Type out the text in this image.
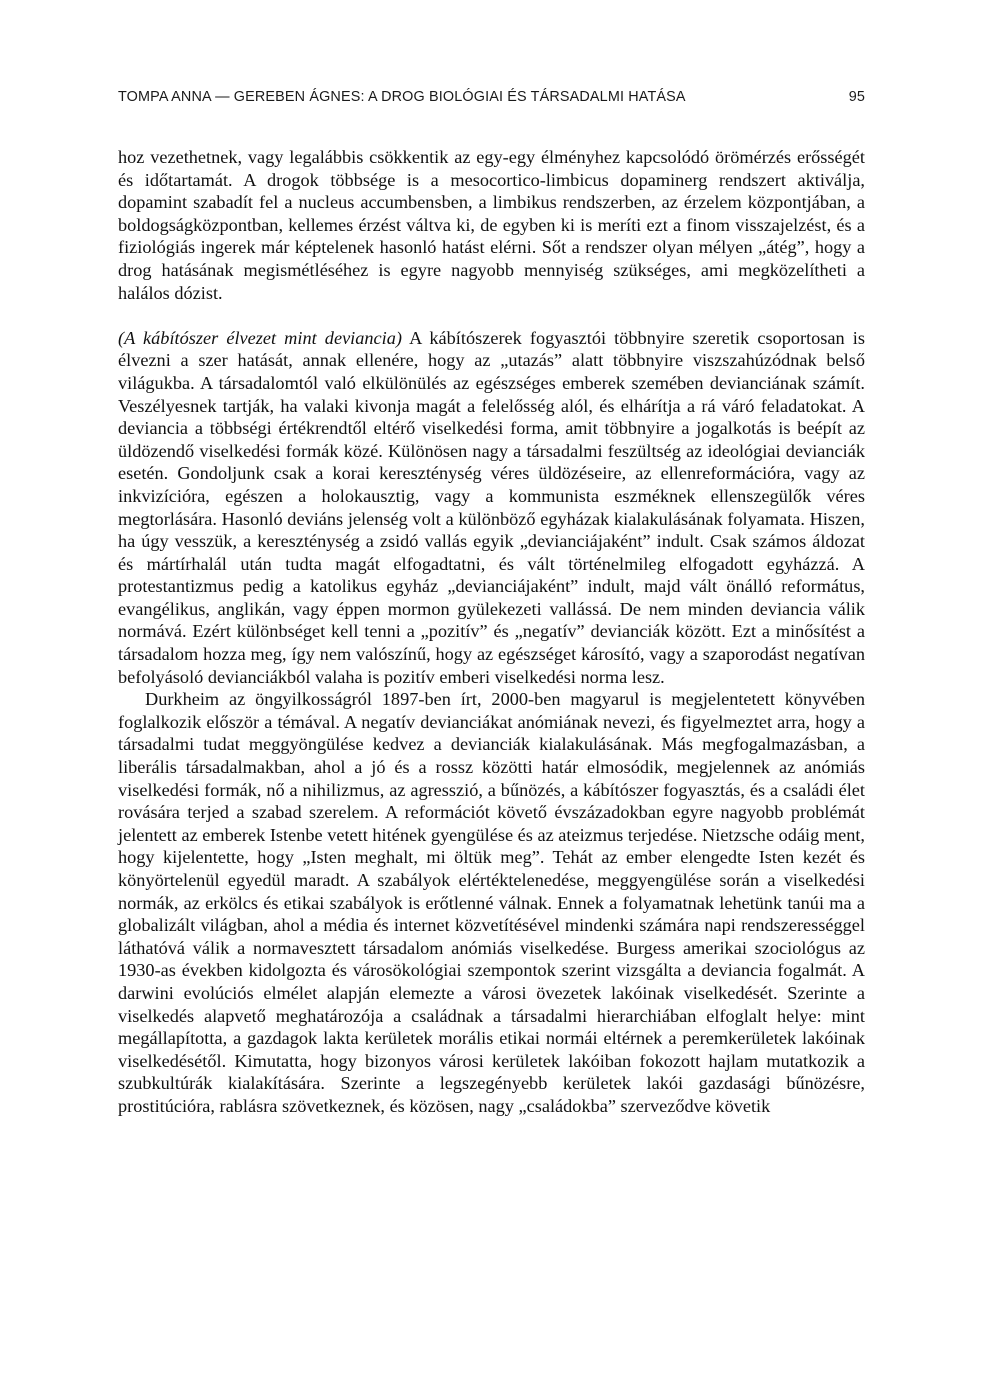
TOMPA ANNA — GEREBEN ÁGNES: A DROG BIOLÓGIAI ÉS TÁRSADALMI HATÁSA	95

hoz vezethetnek, vagy legalábbis csökkentik az egy-egy élményhez kapcsolódó örömérzés erősségét és időtartamát. A drogok többsége is a mesocortico-limbicus dopaminerg rendszert aktiválja, dopamint szabadít fel a nucleus accumbensben, a limbikus rendszerben, az érzelem központjában, a boldogságközpontban, kellemes érzést váltva ki, de egyben ki is meríti ezt a finom visszajelzést, és a fiziológiás ingerek már képtelenek hasonló hatást elérni. Sőt a rendszer olyan mélyen „átég”, hogy a drog hatásának megismétléséhez is egyre nagyobb mennyiség szükséges, ami megközelítheti a halálos dózist.

(A kábítószer élvezet mint deviancia) A kábítószerek fogyasztói többnyire szeretik csoportosan is élvezni a szer hatását, annak ellenére, hogy az „utazás” alatt többnyire viszszahúzódnak belső világukba. A társadalomtól való elkülönülés az egészséges emberek szemében devianciának számít. Veszélyesnek tartják, ha valaki kivonja magát a felelősség alól, és elhárítja a rá váró feladatokat. A deviancia a többségi értékrendtől eltérő viselkedési forma, amit többnyire a jogalkotás is beépít az üldözendő viselkedési formák közé. Különösen nagy a társadalmi feszültség az ideológiai devianciák esetén. Gondoljunk csak a korai kereszténység véres üldözéseire, az ellenreformációra, vagy az inkvizícióra, egészen a holokausztig, vagy a kommunista eszméknek ellenszegülők véres megtorlására. Hasonló deviáns jelenség volt a különböző egyházak kialakulásának folyamata. Hiszen, ha úgy vesszük, a kereszténység a zsidó vallás egyik „devianciájaként” indult. Csak számos áldozat és mártírhalál után tudta magát elfogadtatni, és vált történelmileg elfogadott egyházzá. A protestantizmus pedig a katolikus egyház „devianciájaként” indult, majd vált önálló református, evangélikus, anglikán, vagy éppen mormon gyülekezeti vallássá. De nem minden deviancia válik normává. Ezért különbséget kell tenni a „pozitív” és „negatív” devianciák között. Ezt a minősítést a társadalom hozza meg, így nem valószínű, hogy az egészséget károsító, vagy a szaporodást negatívan befolyásoló devianciákból valaha is pozitív emberi viselkedési norma lesz.

Durkheim az öngyilkosságról 1897-ben írt, 2000-ben magyarul is megjelentetett könyvében foglalkozik először a témával. A negatív devianciákat anómiának nevezi, és figyelmeztet arra, hogy a társadalmi tudat meggyöngülése kedvez a devianciák kialakulásának. Más megfogalmazásban, a liberális társadalmakban, ahol a jó és a rossz közötti határ elmosódik, megjelennek az anómiás viselkedési formák, nő a nihilizmus, az agresszió, a bűnözés, a kábítószer fogyasztás, és a családi élet rovására terjed a szabad szerelem. A reformációt követő évszázadokban egyre nagyobb problémát jelentett az emberek Istenbe vetett hitének gyengülése és az ateizmus terjedése. Nietzsche odáig ment, hogy kijelentette, hogy „Isten meghalt, mi öltük meg”. Tehát az ember elengedte Isten kezét és könyörtelenül egyedül maradt. A szabályok elértéktelenedése, meggyengülése során a viselkedési normák, az erkölcs és etikai szabályok is erőtlenné válnak. Ennek a folyamatnak lehetünk tanúi ma a globalizált világban, ahol a média és internet közvetítésével mindenki számára napi rendszerességgel láthatóvá válik a normavesztett társadalom anómiás viselkedése. Burgess amerikai szociológus az 1930-as években kidolgozta és városökológiai szempontok szerint vizsgálta a deviancia fogalmát. A darwini evolúciós elmélet alapján elemezte a városi övezetek lakóinak viselkedését. Szerinte a viselkedés alapvető meghatározója a családnak a társadalmi hierarchiában elfoglalt helye: mint megállapította, a gazdagok lakta kerületek morális etikai normái eltérnek a peremkerületek lakóinak viselkedésétől. Kimutatta, hogy bizonyos városi kerületek lakóiban fokozott hajlam mutatkozik a szubkultúrák kialakítására. Szerinte a legszegényebb kerületek lakói gazdasági bűnözésre, prostitúcióra, rablásra szövetkeznek, és közösen, nagy „családokba” szerveződve követik
